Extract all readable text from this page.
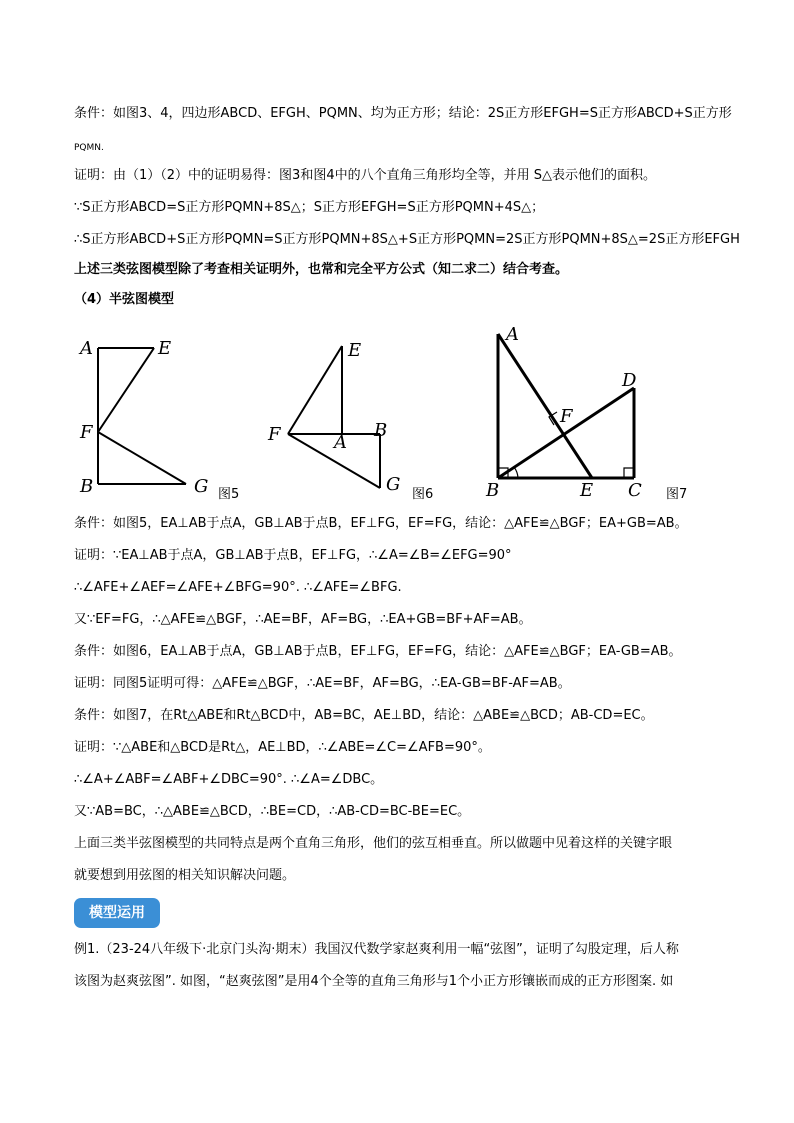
条件：如图3、4，四边形ABCD、EFGH、PQMN、均为正方形；结论：2S正方形EFGH=S正方形ABCD+S正方形
PQMN.
证明：由（1）（2）中的证明易得：图3和图4中的八个直角三角形均全等，并用 S△表示他们的面积。
∵S正方形ABCD=S正方形PQMN+8S△；S正方形EFGH=S正方形PQMN+4S△；
∴S正方形ABCD+S正方形PQMN=S正方形PQMN+8S△+S正方形PQMN=2S正方形PQMN+8S△=2S正方形EFGH
上述三类弦图模型除了考查相关证明外，也常和完全平方公式（知二求二）结合考查。
（4）半弦图模型
A	E
F
B	G 图5
E
F	A
B
G 图6
A
D
F
B	E C 图7
条件：如图5，EA⊥AB于点A，GB⊥AB于点B，EF⊥FG，EF=FG，结论：△AFE≌△BGF；EA+GB=AB。
证明：∵EA⊥AB于点A，GB⊥AB于点B，EF⊥FG，∴∠A=∠B=∠EFG=90°
∴∠AFE+∠AEF=∠AFE+∠BFG=90°. ∴∠AFE=∠BFG.
又∵EF=FG，∴△AFE≌△BGF，∴AE=BF，AF=BG，∴EA+GB=BF+AF=AB。
条件：如图6，EA⊥AB于点A，GB⊥AB于点B，EF⊥FG，EF=FG，结论：△AFE≌△BGF；EA-GB=AB。
证明：同图5证明可得：△AFE≌△BGF，∴AE=BF，AF=BG，∴EA-GB=BF-AF=AB。
条件：如图7，在Rt△ABE和Rt△BCD中，AB=BC，AE⊥BD，结论：△ABE≌△BCD；AB-CD=EC。
证明：∵△ABE和△BCD是Rt△，AE⊥BD，∴∠ABE=∠C=∠AFB=90°。
∴∠A+∠ABF=∠ABF+∠DBC=90°. ∴∠A=∠DBC。
又∵AB=BC，∴△ABE≌△BCD，∴BE=CD，∴AB-CD=BC-BE=EC。
上面三类半弦图模型的共同特点是两个直角三角形，他们的弦互相垂直。所以做题中见着这样的关键字眼
就要想到用弦图的相关知识解决问题。
模型运用
例1.（23-24八年级下·北京门头沟·期末）我国汉代数学家赵爽利用一幅“弦图”，证明了勾股定理，后人称
该图为赵爽弦图”. 如图，“赵爽弦图”是用4个全等的直角三角形与1个小正方形镶嵌而成的正方形图案. 如
